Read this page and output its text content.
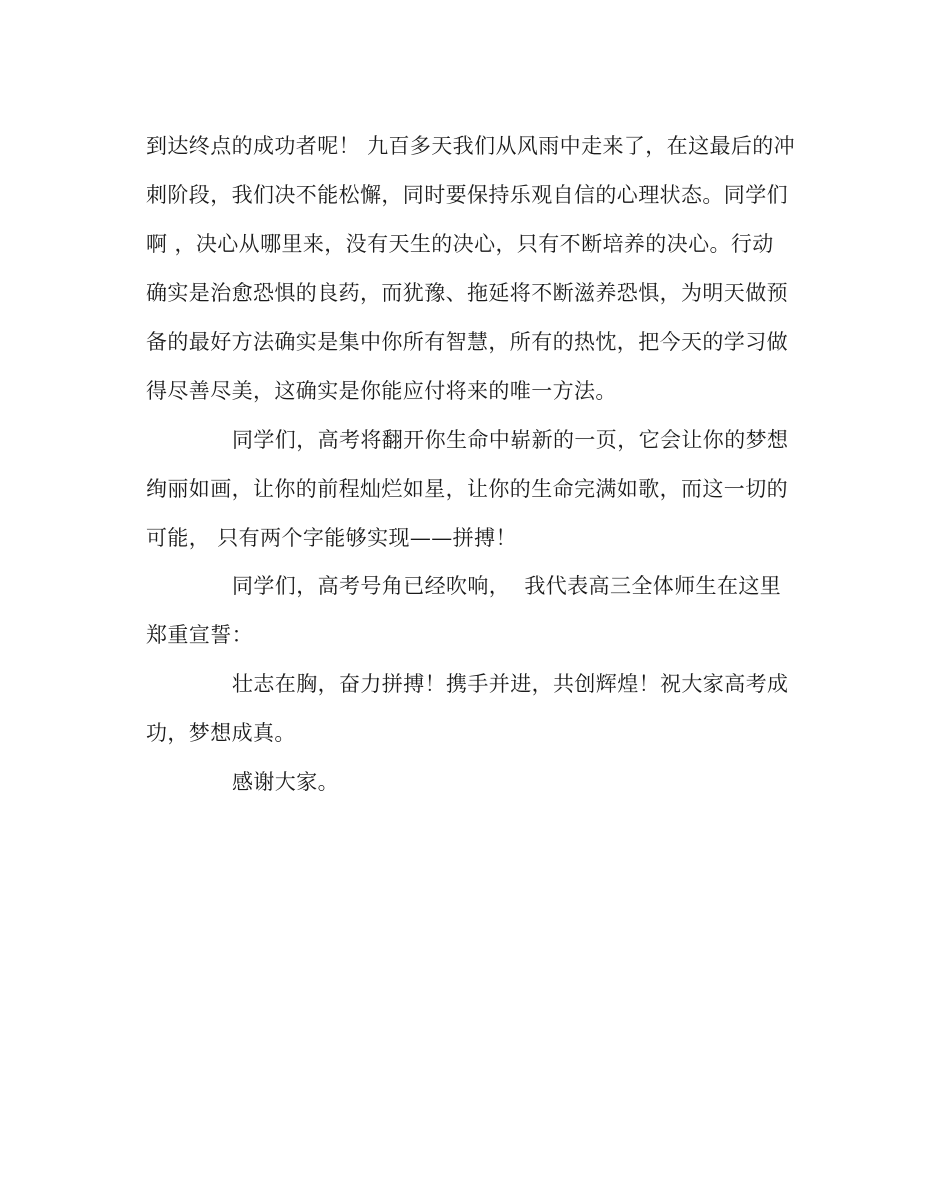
到达终点的成功者呢！ 九百多天我们从风雨中走来了，在这最后的冲

刺阶段，我们决不能松懈，同时要保持乐观自信的心理状态。同学们

啊 ，决心从哪里来，没有天生的决心，只有不断培养的决心。行动

确实是治愈恐惧的良药，而犹豫、拖延将不断滋养恐惧，为明天做预

备的最好方法确实是集中你所有智慧，所有的热忱，把今天的学习做

得尽善尽美，这确实是你能应付将来的唯一方法。

同学们，高考将翻开你生命中崭新的一页，它会让你的梦想

绚丽如画，让你的前程灿烂如星，让你的生命完满如歌，而这一切的

可能， 只有两个字能够实现——拼搏！

同学们，高考号角已经吹响，  我代表高三全体师生在这里

郑重宣誓：

壮志在胸，奋力拼搏！携手并进，共创辉煌！祝大家高考成

功，梦想成真。

感谢大家。
